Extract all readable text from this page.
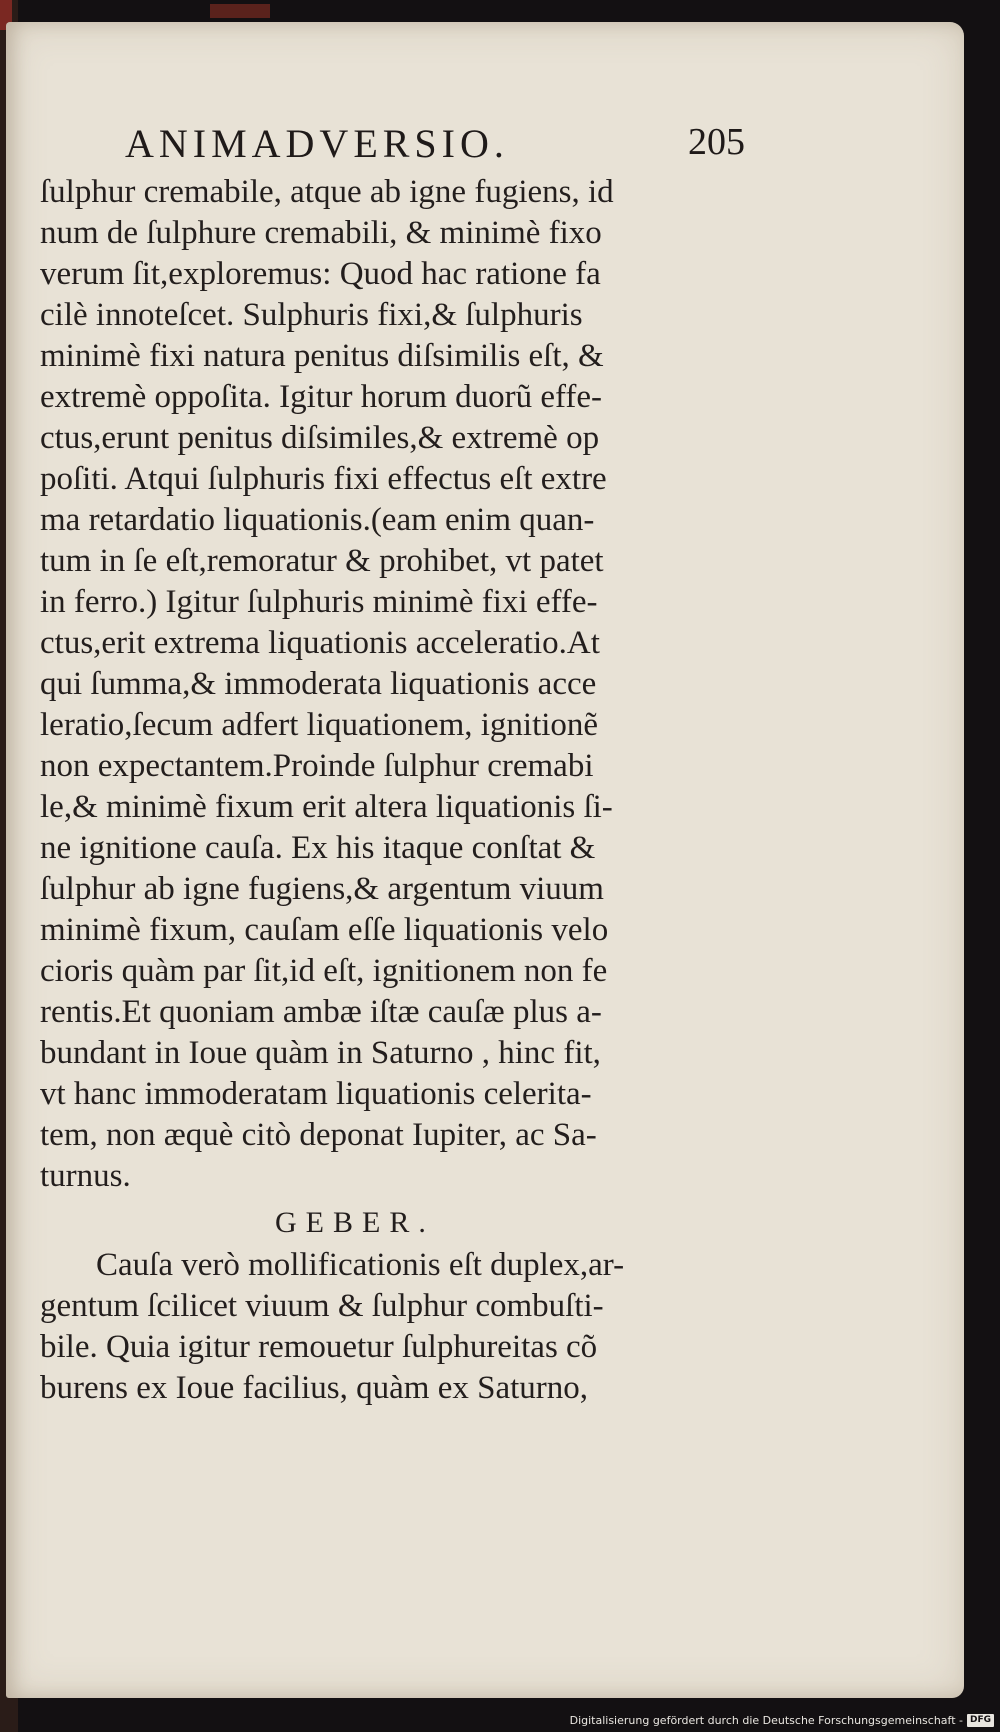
ANIMADVERSIO.	205
ſulphur cremabile, atque ab igne fugiens, id
num de ſulphure cremabili, & minimè fixo
verum ſit,exploremus: Quod hac ratione fa
cilè innoteſcet. Sulphuris fixi,& ſulphuris
minimè fixi natura penitus diſsimilis eſt, &
extremè oppoſita. Igitur horum duorũ effe-
ctus,erunt penitus diſsimiles,& extremè op
poſiti. Atqui ſulphuris fixi effectus eſt extre
ma retardatio liquationis.(eam enim quan-
tum in ſe eſt,remoratur & prohibet, vt patet
in ferro.) Igitur ſulphuris minimè fixi effe-
ctus,erit extrema liquationis acceleratio.At
qui ſumma,& immoderata liquationis acce
leratio,ſecum adfert liquationem, ignitionẽ
non expectantem.Proinde ſulphur cremabi
le,& minimè fixum erit altera liquationis ſi-
ne ignitione cauſa. Ex his itaque conſtat &
ſulphur ab igne fugiens,& argentum viuum
minimè fixum, cauſam eſſe liquationis velo
cioris quàm par ſit,id eſt, ignitionem non fe
rentis.Et quoniam ambæ iſtæ cauſæ plus a-
bundant in Ioue quàm in Saturno , hinc fit,
vt hanc immoderatam liquationis celerita-
tem, non æquè citò deponat Iupiter, ac Sa-
turnus.
GEBER.
Cauſa verò mollificationis eſt duplex,ar-
gentum ſcilicet viuum & ſulphur combuſti-
bile. Quia igitur remouetur ſulphureitas cõ
burens ex Ioue facilius, quàm ex Saturno,
Digitalisierung gefördert durch die Deutsche Forschungsgemeinschaft - DFG
